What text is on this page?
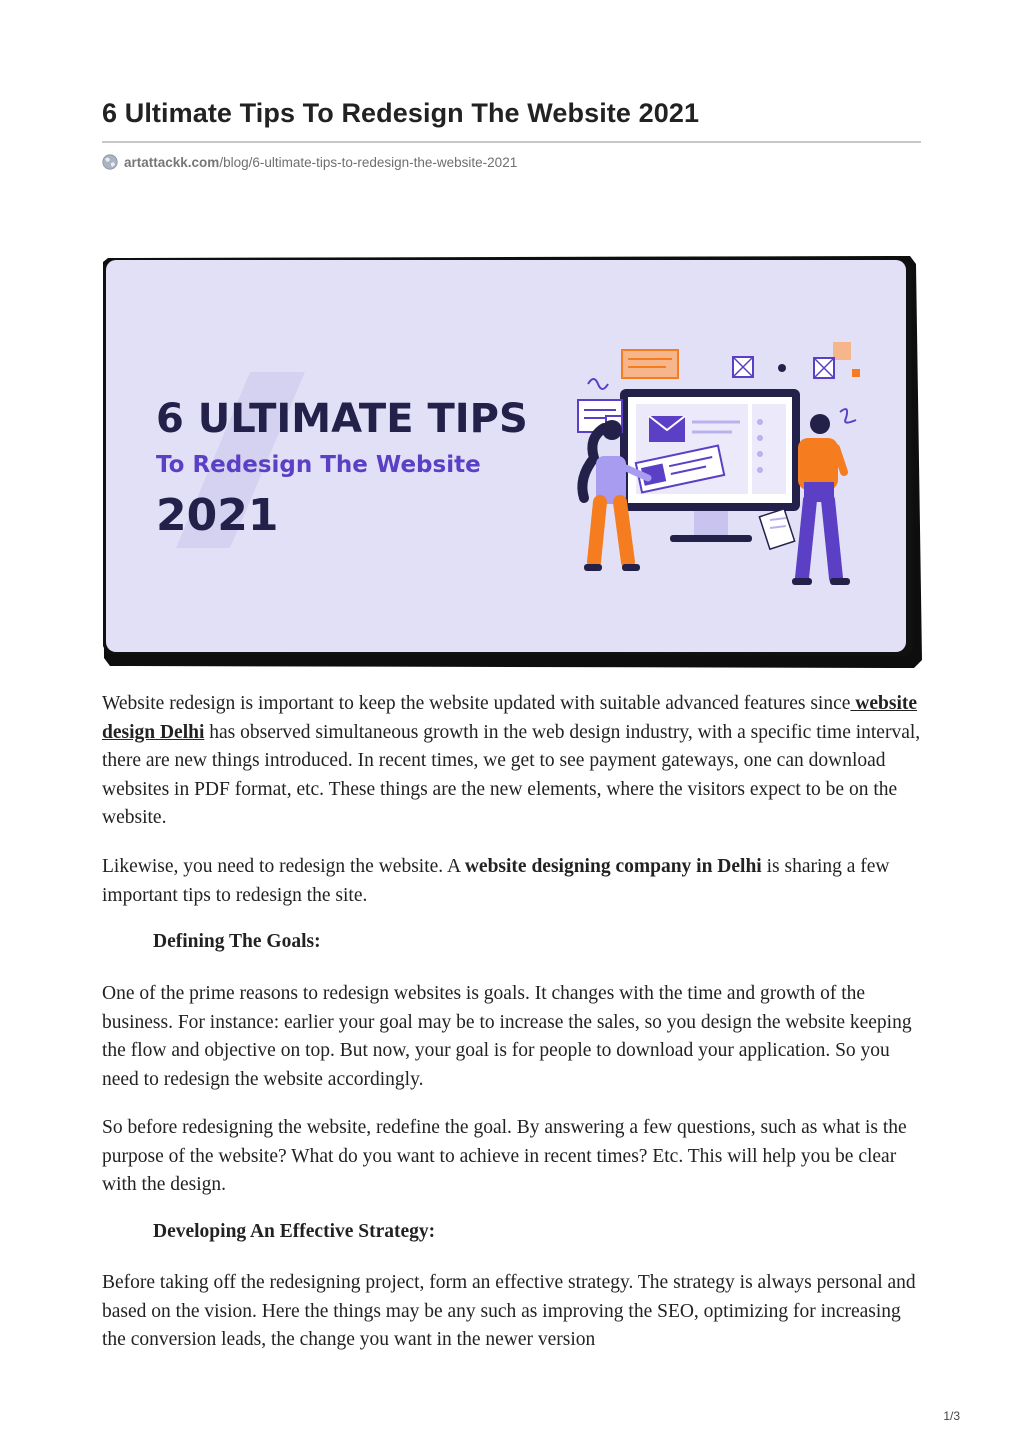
6 Ultimate Tips To Redesign The Website 2021
artattackk.com /blog/6-ultimate-tips-to-redesign-the-website-2021
6 ULTIMATE TIPS
To Redesign The Website
2021

Website redesign is important to keep the website updated with suitable advanced features since website design Delhi has observed simultaneous growth in the web design industry, with a specific time interval, there are new things introduced. In recent times, we get to see payment gateways, one can download websites in PDF format, etc. These things are the new elements, where the visitors expect to be on the website.

Likewise, you need to redesign the website. A website designing company in Delhi is sharing a few important tips to redesign the site.

Defining The Goals:

One of the prime reasons to redesign websites is goals. It changes with the time and growth of the business. For instance: earlier your goal may be to increase the sales, so you design the website keeping the flow and objective on top. But now, your goal is for people to download your application. So you need to redesign the website accordingly.

So before redesigning the website, redefine the goal. By answering a few questions, such as what is the purpose of the website? What do you want to achieve in recent times? Etc. This will help you be clear with the design.

Developing An Effective Strategy:

Before taking off the redesigning project, form an effective strategy. The strategy is always personal and based on the vision. Here the things may be any such as improving the SEO, optimizing for increasing the conversion leads, the change you want in the newer version

1/3
